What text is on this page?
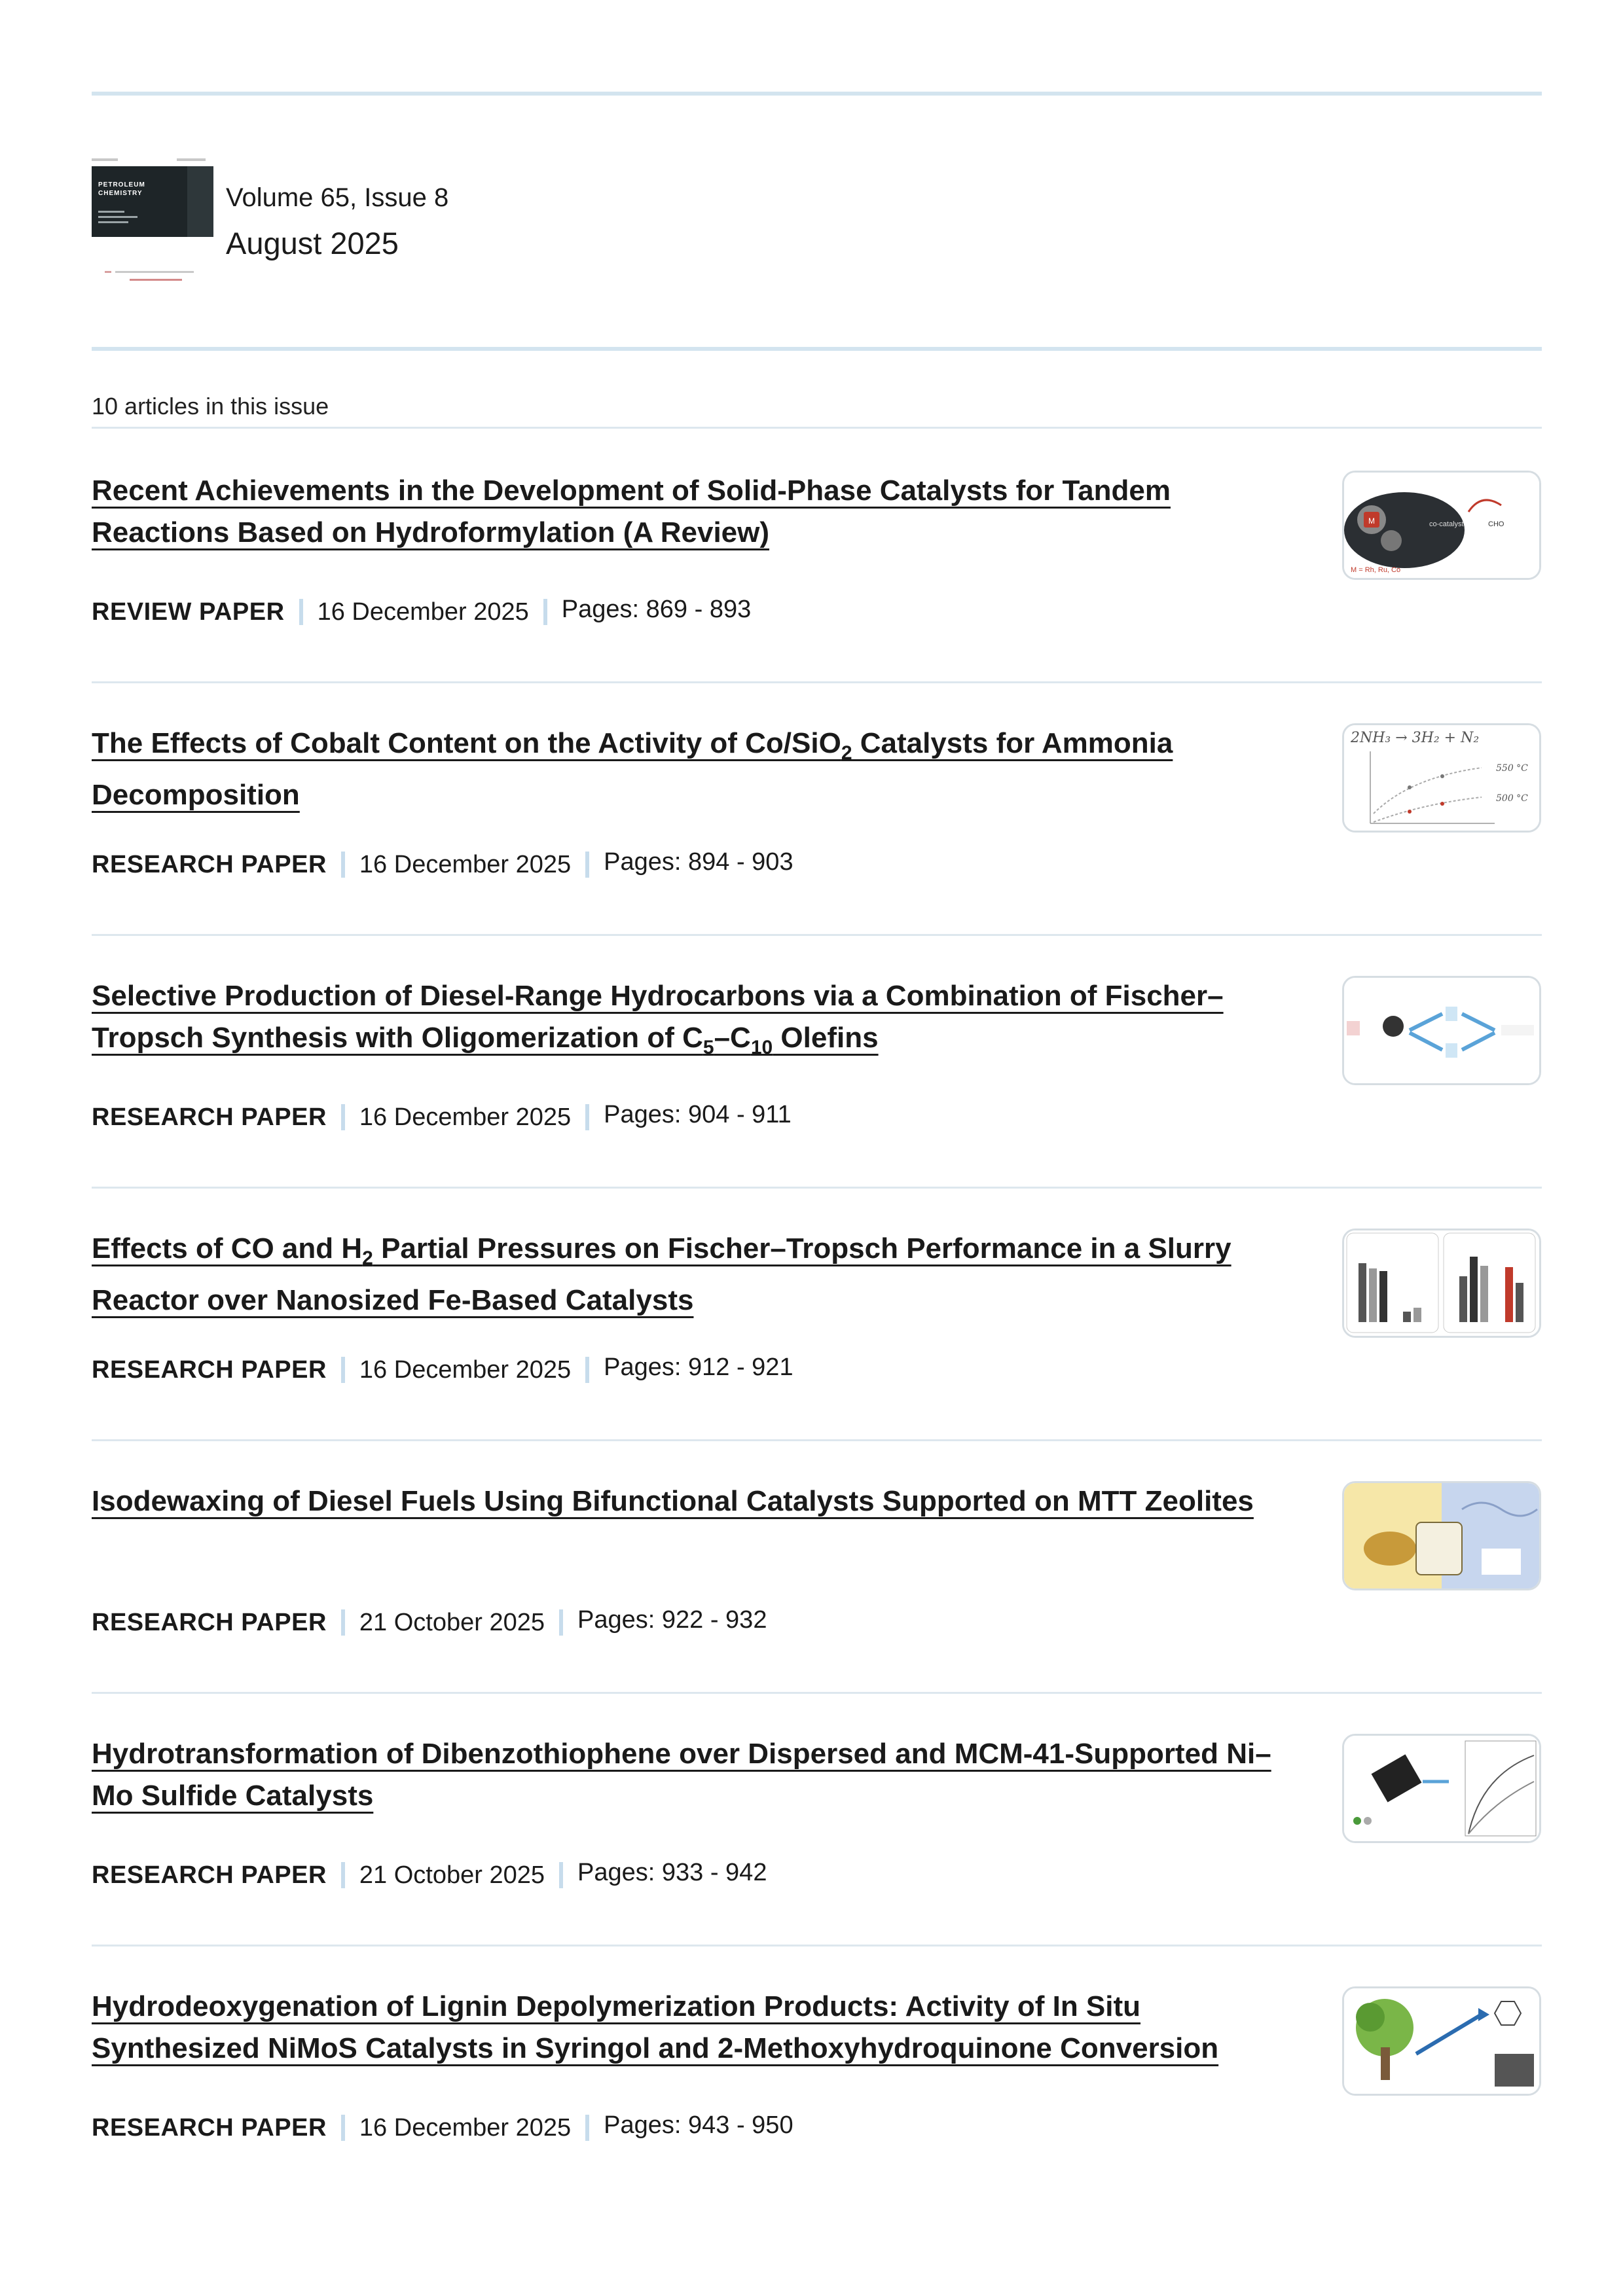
PETROLEUM CHEMISTRY	Volume 65, Issue 8
August 2025
10 articles in this issue
Recent Achievements in the Development of Solid-Phase Catalysts for Tandem Reactions Based on Hydroformylation (A Review)
REVIEW PAPER 16 December 2025 Pages: 869 - 893
M	co-catalyst	CHO
M = Rh, Ru, Co
The Effects of Cobalt Content on the Activity of Co/SiO$_2$ Catalysts for Ammonia Decomposition
RESEARCH PAPER 16 December 2025 Pages: 894 - 903
2NH₃ → 3H₂ + N₂
550 °C
500 °C
Selective Production of Diesel-Range Hydrocarbons via a Combination of Fischer–Tropsch Synthesis with Oligomerization of $C_5-C_{10}$ Olefins
RESEARCH PAPER 16 December 2025 Pages: 904 - 911
Effects of CO and $H_2$ Partial Pressures on Fischer–Tropsch Performance in a Slurry Reactor over Nanosized Fe-Based Catalysts
RESEARCH PAPER 16 December 2025 Pages: 912 - 921
Isodewaxing of Diesel Fuels Using Bifunctional Catalysts Supported on MTT Zeolites
RESEARCH PAPER 21 October 2025 Pages: 922 - 932
Hydrotransformation of Dibenzothiophene over Dispersed and MCM-41-Supported Ni–Mo Sulfide Catalysts
RESEARCH PAPER 21 October 2025 Pages: 933 - 942
Hydrodeoxygenation of Lignin Depolymerization Products: Activity of In Situ Synthesized NiMoS Catalysts in Syringol and 2-Methoxyhydroquinone Conversion
RESEARCH PAPER 16 December 2025 Pages: 943 - 950
